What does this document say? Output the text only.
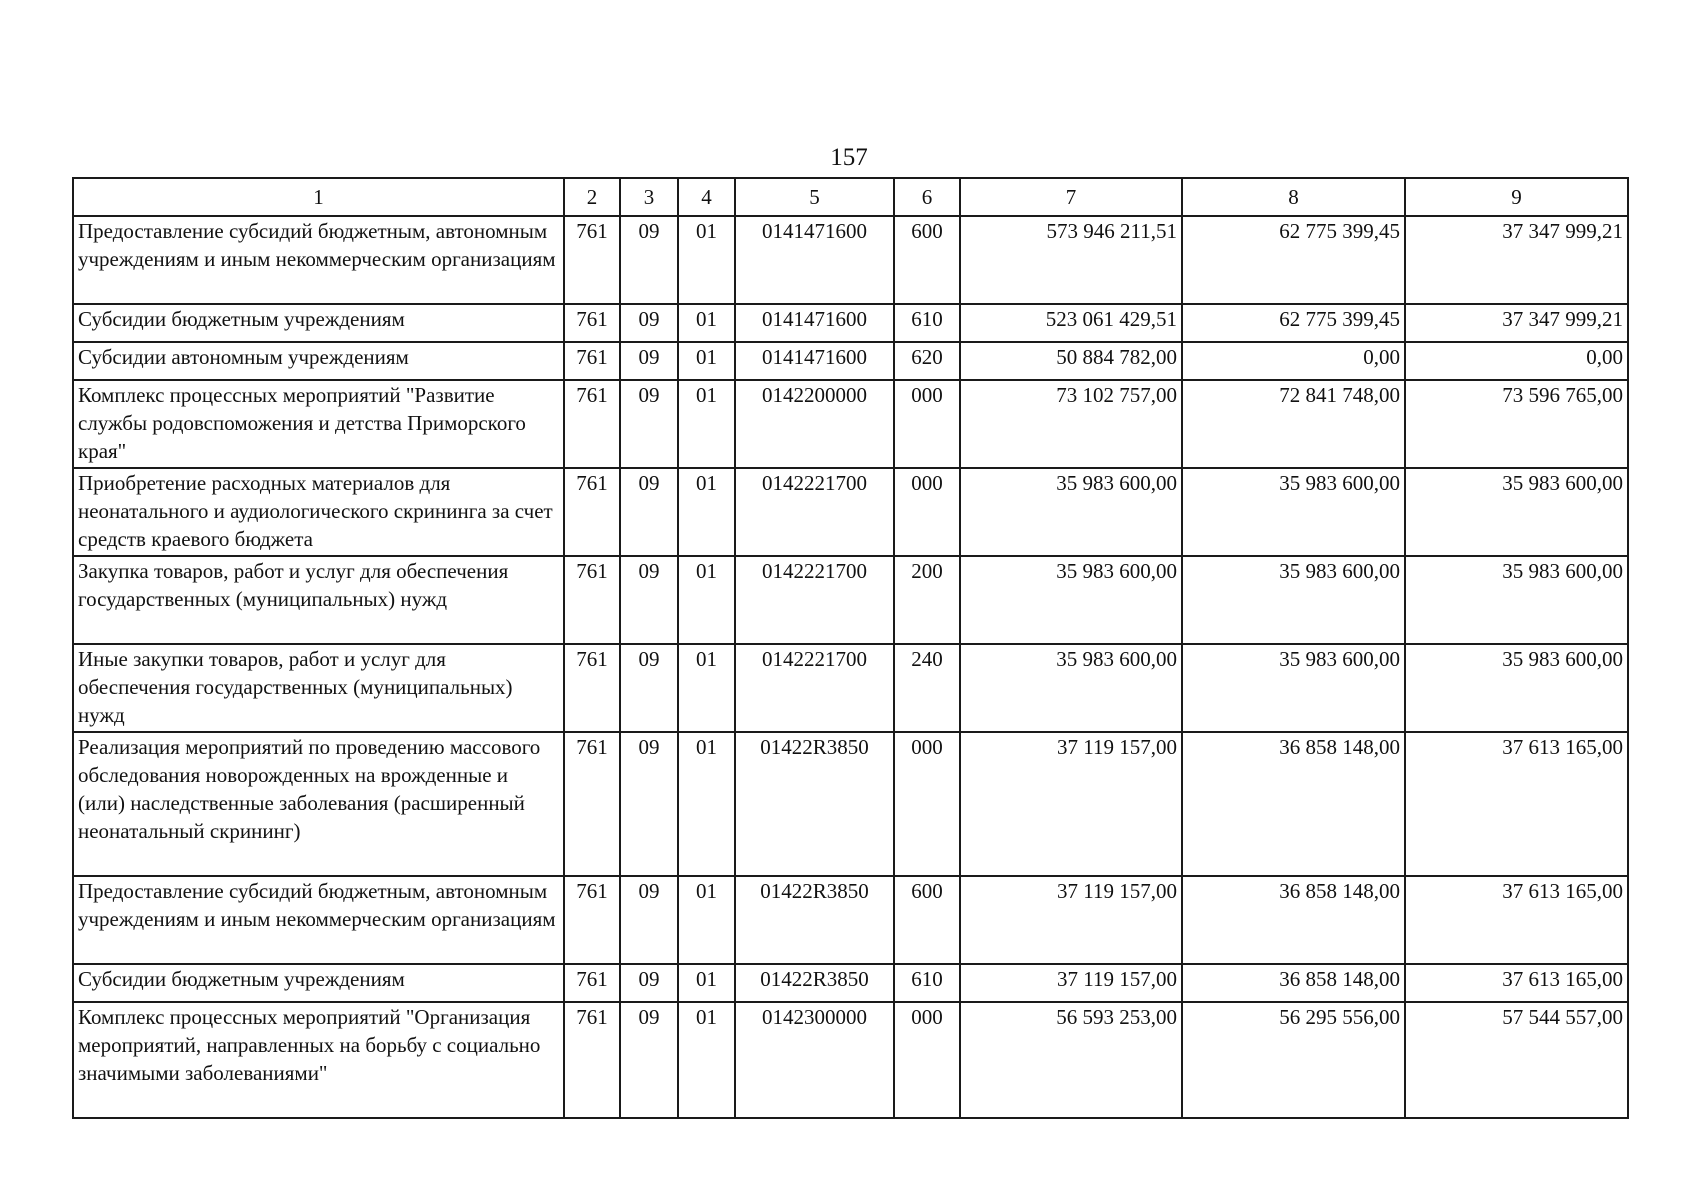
157
1	2	3	4	5	6	7	8	9
Предоставление субсидий бюджетным, автономным учреждениям и иным некоммерческим организациям	761	09	01	0141471600	600	573 946 211,51	62 775 399,45	37 347 999,21
Субсидии бюджетным учреждениям	761	09	01	0141471600	610	523 061 429,51	62 775 399,45	37 347 999,21
Субсидии автономным учреждениям	761	09	01	0141471600	620	50 884 782,00	0,00	0,00
Комплекс процессных мероприятий "Развитие службы родовспоможения и детства Приморского края"	761	09	01	0142200000	000	73 102 757,00	72 841 748,00	73 596 765,00
Приобретение расходных материалов для неонатального и аудиологического скрининга за счет средств краевого бюджета	761	09	01	0142221700	000	35 983 600,00	35 983 600,00	35 983 600,00
Закупка товаров, работ и услуг для обеспечения государственных (муниципальных) нужд	761	09	01	0142221700	200	35 983 600,00	35 983 600,00	35 983 600,00
Иные закупки товаров, работ и услуг для обеспечения государственных (муниципальных) нужд	761	09	01	0142221700	240	35 983 600,00	35 983 600,00	35 983 600,00
Реализация мероприятий по проведению массового обследования новорожденных на врожденные и (или) наследственные заболевания (расширенный неонатальный скрининг)	761	09	01	01422R3850	000	37 119 157,00	36 858 148,00	37 613 165,00
Предоставление субсидий бюджетным, автономным учреждениям и иным некоммерческим организациям	761	09	01	01422R3850	600	37 119 157,00	36 858 148,00	37 613 165,00
Субсидии бюджетным учреждениям	761	09	01	01422R3850	610	37 119 157,00	36 858 148,00	37 613 165,00
Комплекс процессных мероприятий "Организация мероприятий, направленных на борьбу с социально значимыми заболеваниями"	761	09	01	0142300000	000	56 593 253,00	56 295 556,00	57 544 557,00
